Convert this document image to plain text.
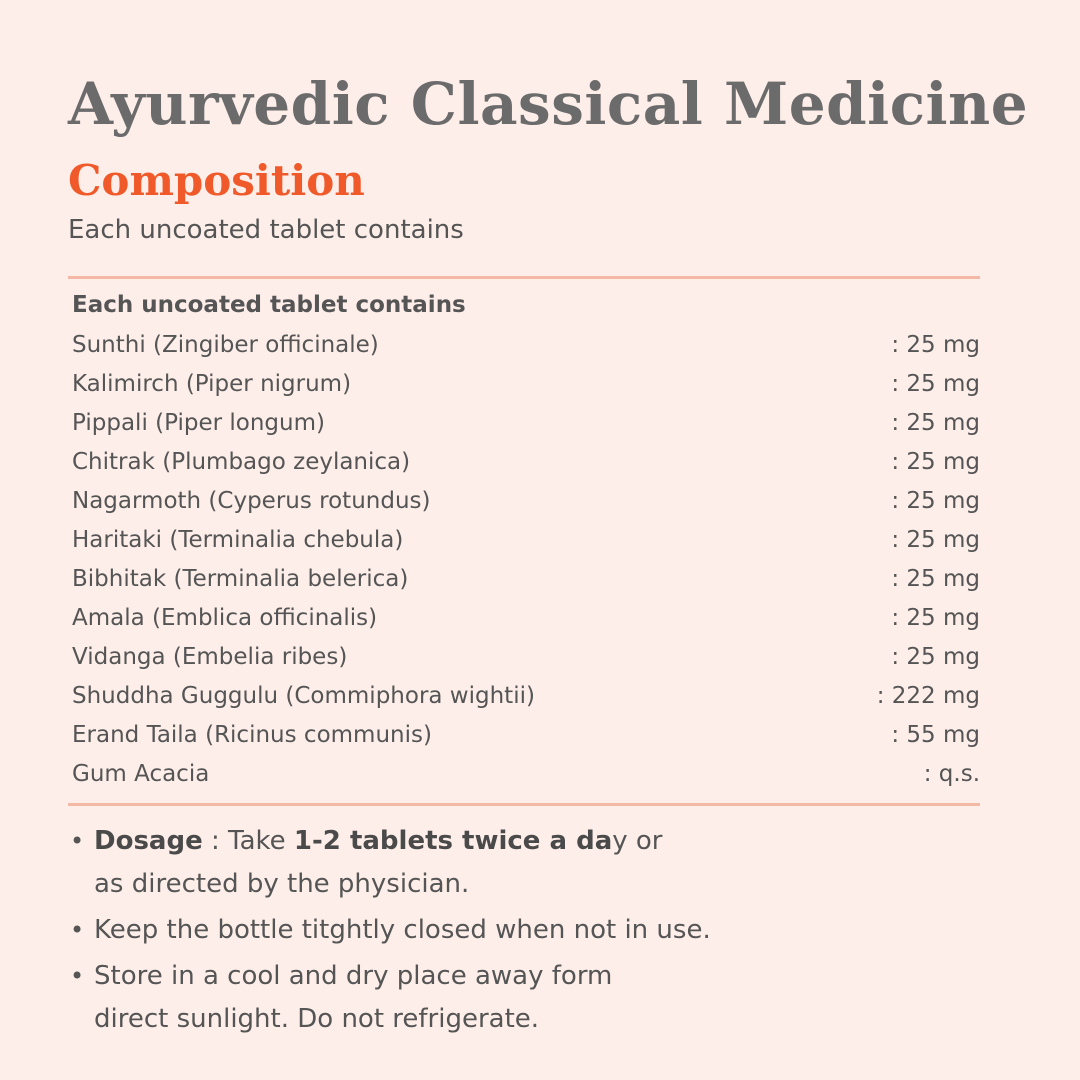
Ayurvedic Classical Medicine
Composition

Each uncoated tablet contains

Each uncoated tablet contains
Sunthi (Zingiber officinale)	: 25 mg
Kalimirch (Piper nigrum)	: 25 mg
Pippali (Piper longum)	: 25 mg
Chitrak (Plumbago zeylanica)	: 25 mg
Nagarmoth (Cyperus rotundus)	: 25 mg
Haritaki (Terminalia chebula)	: 25 mg
Bibhitak (Terminalia belerica)	: 25 mg
Amala (Emblica officinalis)	: 25 mg
Vidanga (Embelia ribes)	: 25 mg
Shuddha Guggulu (Commiphora wightii)	: 222 mg
Erand Taila (Ricinus communis)	: 55 mg
Gum Acacia	: q.s.
• Dosage : Take 1-2 tablets twice a day or
as directed by the physician.
• Keep the bottle titghtly closed when not in use.
• Store in a cool and dry place away form
direct sunlight. Do not refrigerate.
